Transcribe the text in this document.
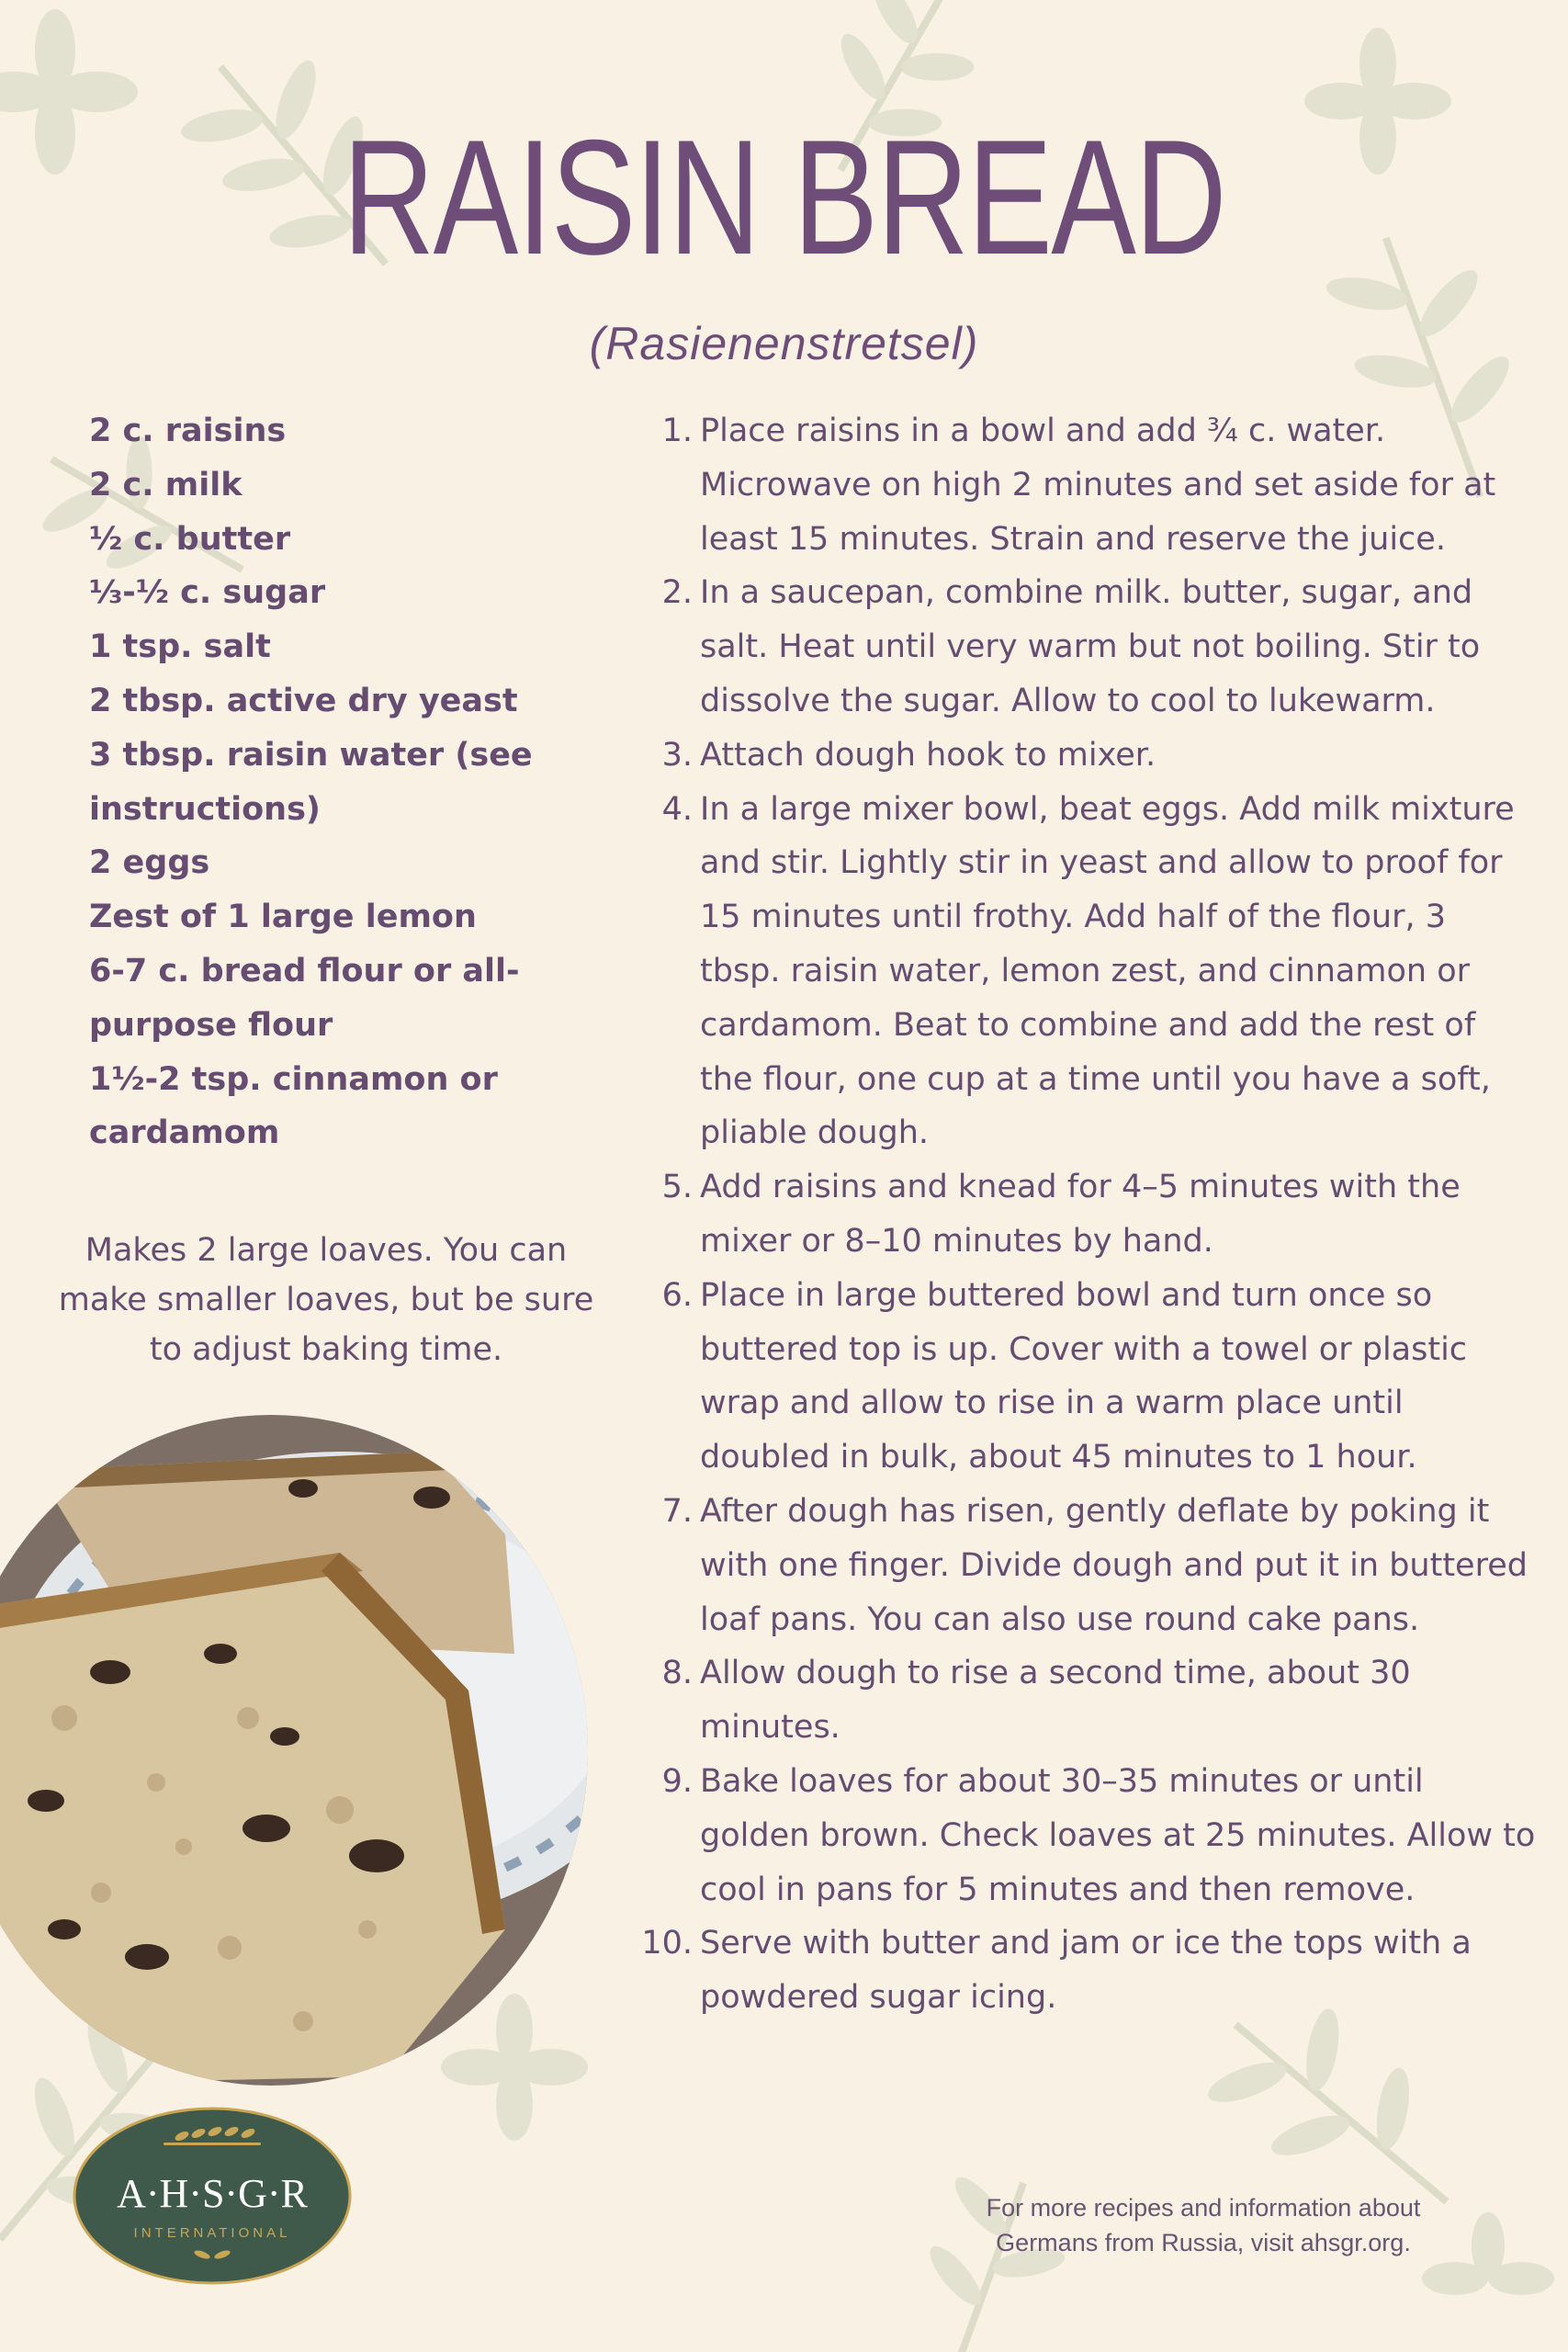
RAISIN BREAD
(Rasienenstretsel)
2 c. raisins
2 c. milk
½ c. butter
⅓-½ c. sugar
1 tsp. salt
2 tbsp. active dry yeast
3 tbsp. raisin water (see instructions)
2 eggs
Zest of 1 large lemon
6-7 c. bread flour or all-purpose flour
1½-2 tsp. cinnamon or cardamom
Makes 2 large loaves. You can make smaller loaves, but be sure to adjust baking time.
1. Place raisins in a bowl and add ¾ c. water. Microwave on high 2 minutes and set aside for at least 15 minutes. Strain and reserve the juice.
2. In a saucepan, combine milk. butter, sugar, and salt. Heat until very warm but not boiling. Stir to dissolve the sugar. Allow to cool to lukewarm.
3. Attach dough hook to mixer.
4. In a large mixer bowl, beat eggs. Add milk mixture and stir. Lightly stir in yeast and allow to proof for 15 minutes until frothy. Add half of the flour, 3 tbsp. raisin water, lemon zest, and cinnamon or cardamom. Beat to combine and add the rest of the flour, one cup at a time until you have a soft, pliable dough.
5. Add raisins and knead for 4–5 minutes with the mixer or 8–10 minutes by hand.
6. Place in large buttered bowl and turn once so buttered top is up. Cover with a towel or plastic wrap and allow to rise in a warm place until doubled in bulk, about 45 minutes to 1 hour.
7. After dough has risen, gently deflate by poking it with one finger. Divide dough and put it in buttered loaf pans. You can also use round cake pans.
8. Allow dough to rise a second time, about 30 minutes.
9. Bake loaves for about 30–35 minutes or until golden brown. Check loaves at 25 minutes. Allow to cool in pans for 5 minutes and then remove.
10. Serve with butter and jam or ice the tops with a powdered sugar icing.
A·H·S·G·R
INTERNATIONAL
For more recipes and information about Germans from Russia, visit ahsgr.org.
